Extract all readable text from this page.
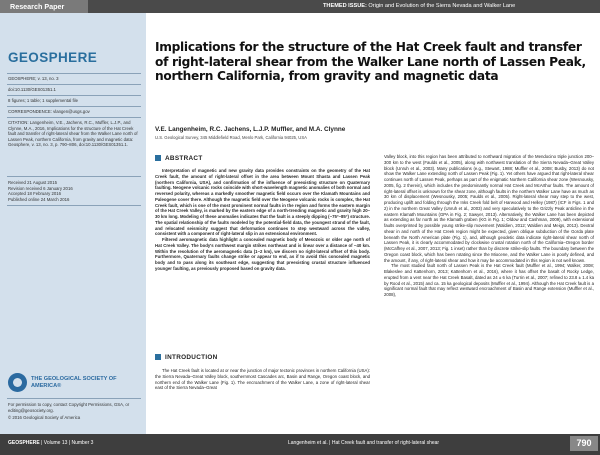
Research Paper	THEMED ISSUE: Origin and Evolution of the Sierra Nevada and Walker Lane
GEOSPHERE
GEOSPHERE; v. 13, no. 3
doi:10.1130/GES01351.1
8 figures; 1 table; 1 supplemental file
CORRESPONDENCE: vlangen@usgs.gov
CITATION: Langenheim, V.E., Jachens, R.C., Muffler, L.J.P., and Clynne, M.A., 2016, Implications for the structure of the Hat Creek fault and transfer of right-lateral shear from the Walker Lane north of Lassen Peak, northern California, from gravity and magnetic data: Geosphere, v. 13, no. 3, p. 790–806, doi:10.1130/GES01351.1.
Received 21 August 2015
Revision received 6 January 2016
Accepted 18 February 2016
Published online 24 March 2016
THE GEOLOGICAL SOCIETY OF AMERICA®
For permission to copy, contact Copyright Permissions, GSA, or editing@geosociety.org.
© 2016 Geological Society of America
Implications for the structure of the Hat Creek fault and transfer of right-lateral shear from the Walker Lane north of Lassen Peak, northern California, from gravity and magnetic data
V.E. Langenheim, R.C. Jachens, L.J.P. Muffler, and M.A. Clynne
U.S. Geological Survey, 345 Middlefield Road, Menlo Park, California 94025, USA
ABSTRACT

Interpretation of magnetic and new gravity data provides constraints on the geometry of the Hat Creek fault, the amount of right-lateral offset in the area between Mount Shasta and Lassen Peak (northern California, USA), and confirmation of the influence of preexisting structure on Quaternary faulting. Neogene volcanic rocks coincide with short-wavelength magnetic anomalies of both normal and reversed polarity, whereas a markedly smoother magnetic field occurs over the Klamath Mountains and Paleogene cover there. Although the magnetic field over the Neogene volcanic rocks is complex, the Hat Creek fault, which is one of the most prominent normal faults in the region and forms the eastern margin of the Hat Creek Valley, is marked by the eastern edge of a north-trending magnetic and gravity high 20–30 km long. Modeling of these anomalies indicates that the fault is a steeply dipping (~75°–85°) structure. The spatial relationship of the faults modeled by the potential-field data, the youngest strand of the fault, and relocated seismicity suggest that deformation continues to step westward across the valley, consistent with a component of right-lateral slip in an extensional environment.

Filtered aeromagnetic data highlight a concealed magnetic body of Mesozoic or older age north of Hat Creek Valley. The body's northwest margin strikes northeast and is linear over a distance of ~40 km. Within the resolution of the aeromagnetic data (1–2 km), we discern no right-lateral offset of this body. Furthermore, Quaternary faults change strike or appear to end, as if to avoid this concealed magnetic body and to pass along its southeast edge, suggesting that preexisting crustal structure influenced younger faulting, as previously proposed based on gravity data.

INTRODUCTION

The Hat Creek fault is located at or near the junction of major tectonic provinces in northern California (USA): the Sierra Nevada–Great Valley block, southernmost Cascades arc, Basin and Range, Oregon coast block, and northern end of the Walker Lane (Fig. 1). The encroachment of the Walker Lane, a zone of right-lateral shear east of the Sierra Nevada–Great

Valley block, into this region has been attributed to northward migration of the Mendocino triple junction 200–300 km to the west (Faulds et al., 2005), along with northwest translation of the Sierra Nevada–Great Valley block (Unruh et al., 2003). Many publications (e.g., Stewart, 1988; Muffler et al., 2008; Busby, 2013) do not show the Walker Lane extending north of Lassen Peak (Fig. 1). Yet others have argued that right-lateral shear continues north of Lassen Peak, perhaps as part of the enigmatic Northern California shear zone (Wesnousky, 2005, fig. 2 therein), which includes the predominantly normal Hat Creek and McArthur faults. The amount of right-lateral offset is unknown for the shear zone, although faults in the northern Walker Lane have as much as 30 km of displacement (Wesnousky, 2005; Faulds et al., 2005). Right-lateral shear may step to the west, producing uplift and folding through the Inks Creek fold belt of Harwood and Helley (1987) (ICF in Figs. 1 and 2) in the northern Great Valley (Unruh et al., 2003) and very speculatively to the Grizzly Peak anticline in the eastern Klamath Mountains (GPA in Fig. 2; Sawyer, 2013). Alternatively, the Walker Lane has been depicted as extending as far north as the Klamath graben (KG in Fig. 1; Oldow and Cashman, 2009), with extensional faults overprinted by possible young strike-slip movement (Waldien, 2012; Waldien and Meigs, 2013). Dextral shear in and north of the Hat Creek region might be expected, given oblique subduction of the Gorda plate beneath the North American plate (Fig. 1), and, although geodetic data indicate right-lateral shear north of Lassen Peak, it is clearly accommodated by clockwise crustal rotation north of the California–Oregon border (McCaffrey et al., 2007, 2013; Fig. 1 inset) rather than by discrete strike-slip faults. The boundary between the Oregon coast block, which has been rotating since the Miocene, and the Walker Lane is poorly defined, and the amount, if any, of right-lateral shear and how it may be accommodated in this region is not well known.

The most studied fault north of Lassen Peak is the Hat Creek fault (Muffler et al., 1994; Walker, 2008; Blakeslee and Kattenhorn, 2013; Kattenhorn et al., 2016), where it has offset the basalt of Rocky Ledge, erupted from a vent near the Hat Creek Basalt, dated as 24 ± 6 ka (Turrin et al., 2007; refined to 23.8 ± 1.4 ka by Rood et al., 2015) and ca. 15 ka geological deposits (Muffler et al., 1994). Although the Hat Creek fault is a significant normal fault that may reflect westward encroachment of Basin and Range extension (Muffler et al., 2008),

GEOSPHERE | Volume 13 | Number 3	Langenheim et al. | Hat Creek fault and transfer of right-lateral shear	790
